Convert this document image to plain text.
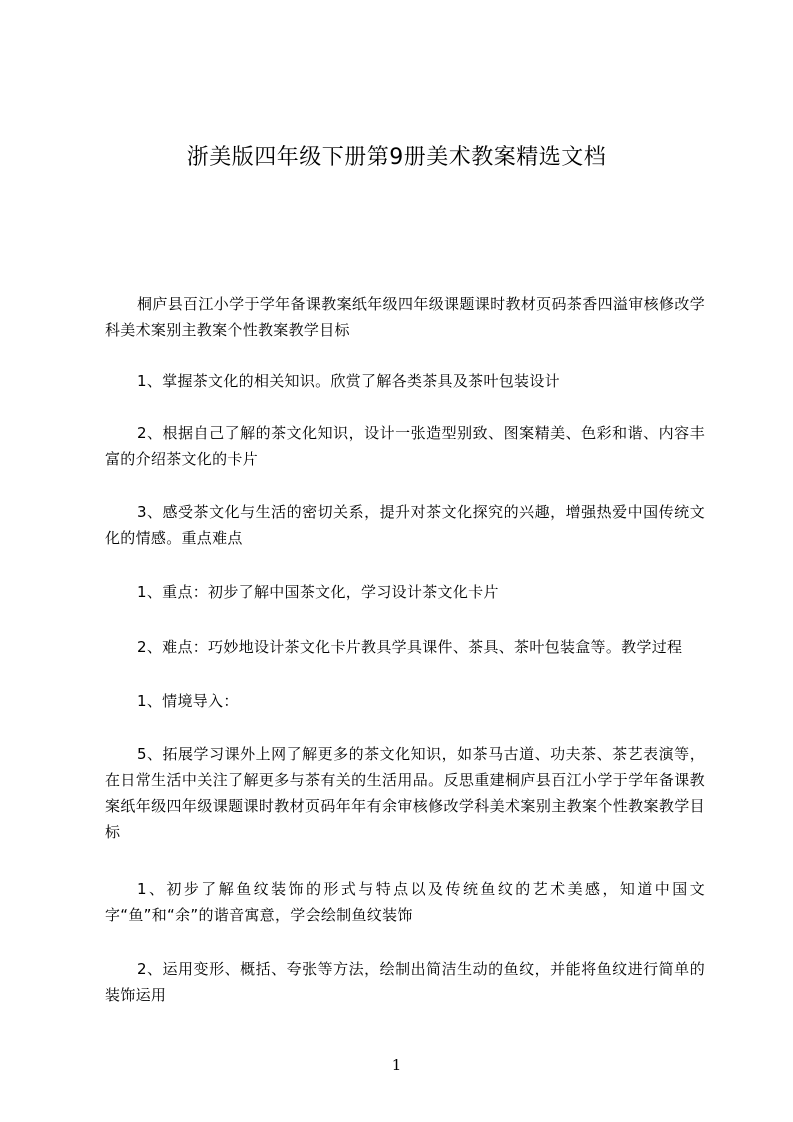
浙美版四年级下册第9册美术教案精选文档
桐庐县百江小学于学年备课教案纸年级四年级课题课时教材页码茶香四溢审核修改学科美术案别主教案个性教案教学目标
1、掌握茶文化的相关知识。欣赏了解各类茶具及茶叶包装设计
2、根据自己了解的茶文化知识，设计一张造型别致、图案精美、色彩和谐、内容丰富的介绍茶文化的卡片
3、感受茶文化与生活的密切关系，提升对茶文化探究的兴趣，增强热爱中国传统文化的情感。重点难点
1、重点：初步了解中国茶文化，学习设计茶文化卡片
2、难点：巧妙地设计茶文化卡片教具学具课件、茶具、茶叶包装盒等。教学过程
1、情境导入：
5、拓展学习课外上网了解更多的茶文化知识，如茶马古道、功夫茶、茶艺表演等，在日常生活中关注了解更多与茶有关的生活用品。反思重建桐庐县百江小学于学年备课教案纸年级四年级课题课时教材页码年年有余审核修改学科美术案别主教案个性教案教学目标
1、初步了解鱼纹装饰的形式与特点以及传统鱼纹的艺术美感，知道中国文字“鱼”和“余”的谐音寓意，学会绘制鱼纹装饰
2、运用变形、概括、夸张等方法，绘制出简洁生动的鱼纹，并能将鱼纹进行简单的装饰运用
1
